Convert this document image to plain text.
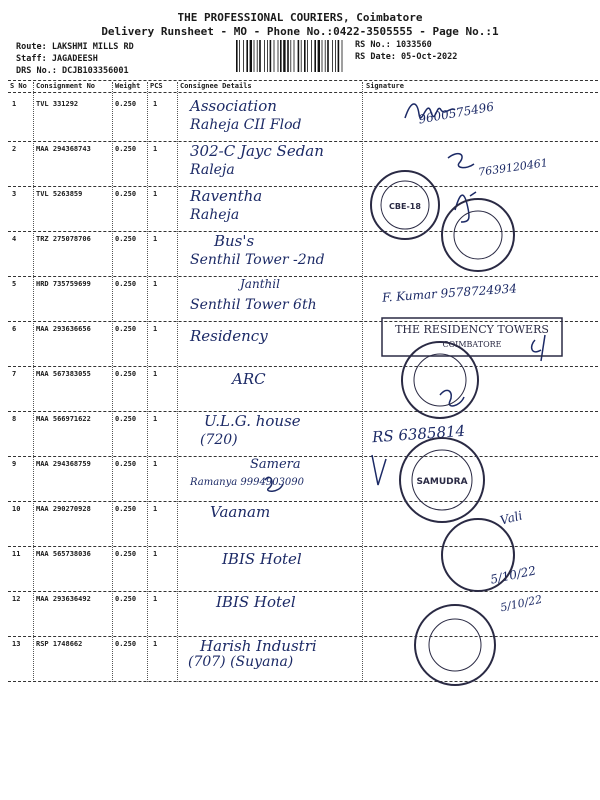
THE PROFESSIONAL COURIERS, Coimbatore
Delivery Runsheet - MO - Phone No.:0422-3505555 - Page No.:1
Route: LAKSHMI MILLS RD
Staff: JAGADEESH
DRS No.: DCJB103356001
RS No.: 1033560
RS Date: 05-Oct-2022
S No Consignment No	Weight PCS Consignee Details	Signature
1	TVL 331292	0.250 1 Association
Raheja CII Flod	9600575496
2	MAA 294368743	0.250 1 302-C Jayc Sedan
Raleja	7639120461
3	TVL 5263859	0.250 1 Raventha
Raheja
4	TRZ 275078706	0.250 1	Bus's
Senthil Tower -2nd
5	HRD 735759699	0.250 1	Janthil
Senthil Tower 6th
F. Kumar 9578724934
6	MAA 293636656	0.250 1 Residency
7	MAA 567383055	0.250 1	ARC
8	MAA 566971622	0.250 1	U.L.G. house
(720)	RS 6385814
9	MAA 294368759	0.250 1	Samera
Ramanya 9994903090
10 MAA 290270928	0.250 1	Vaanam	Vali
11 MAA 565738036	0.250 1	IBIS Hotel
5/10/22
12 MAA 293636492	0.250 1	IBIS Hotel	5/10/22
13 RSP 1748662	0.250 1	Harish Industri
(707) (Suyana)
CBE-18
THE RESIDENCY TOWERS
COIMBATORE
SAMUDRA
